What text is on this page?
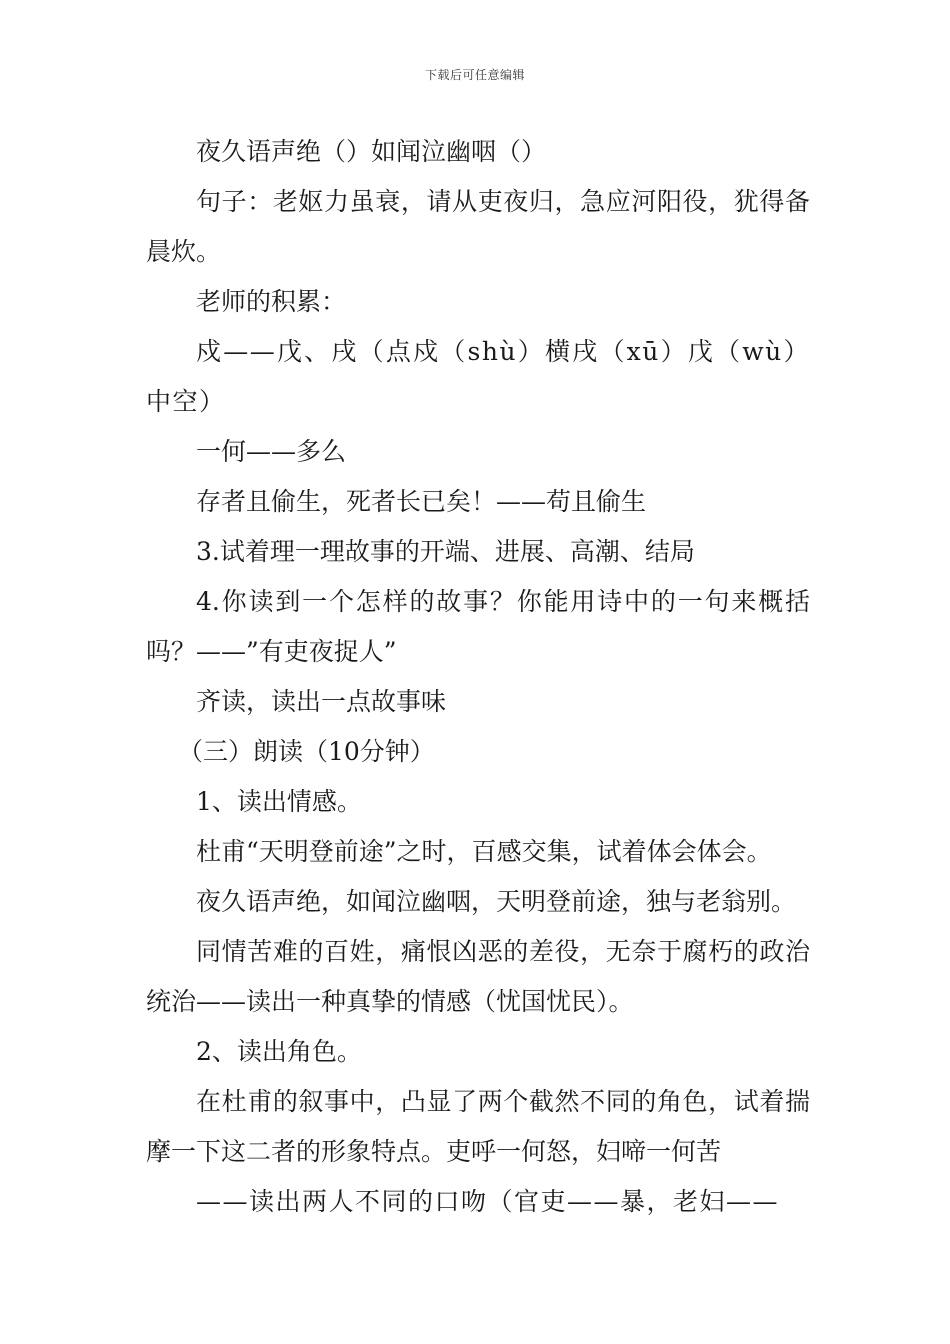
下载后可任意编辑

夜久语声绝（）如闻泣幽咽（）

句子：老妪力虽衰，请从吏夜归，急应河阳役，犹得备晨炊。

老师的积累：

戍——戊、戌（点戍（shù）横戌（xū）戊（wù）中空）

一何——多么

存者且偷生，死者长已矣！——苟且偷生

3.试着理一理故事的开端、进展、高潮、结局

4.你读到一个怎样的故事？你能用诗中的一句来概括吗？——”有吏夜捉人”

齐读，读出一点故事味

（三）朗读（10分钟）

1、读出情感。

杜甫“天明登前途”之时，百感交集，试着体会体会。

夜久语声绝，如闻泣幽咽，天明登前途，独与老翁别。

同情苦难的百姓，痛恨凶恶的差役，无奈于腐朽的政治统治——读出一种真挚的情感（忧国忧民）。

2、读出角色。

在杜甫的叙事中，凸显了两个截然不同的角色，试着揣摩一下这二者的形象特点。吏呼一何怒，妇啼一何苦

——读出两人不同的口吻（官吏——暴，老妇——
